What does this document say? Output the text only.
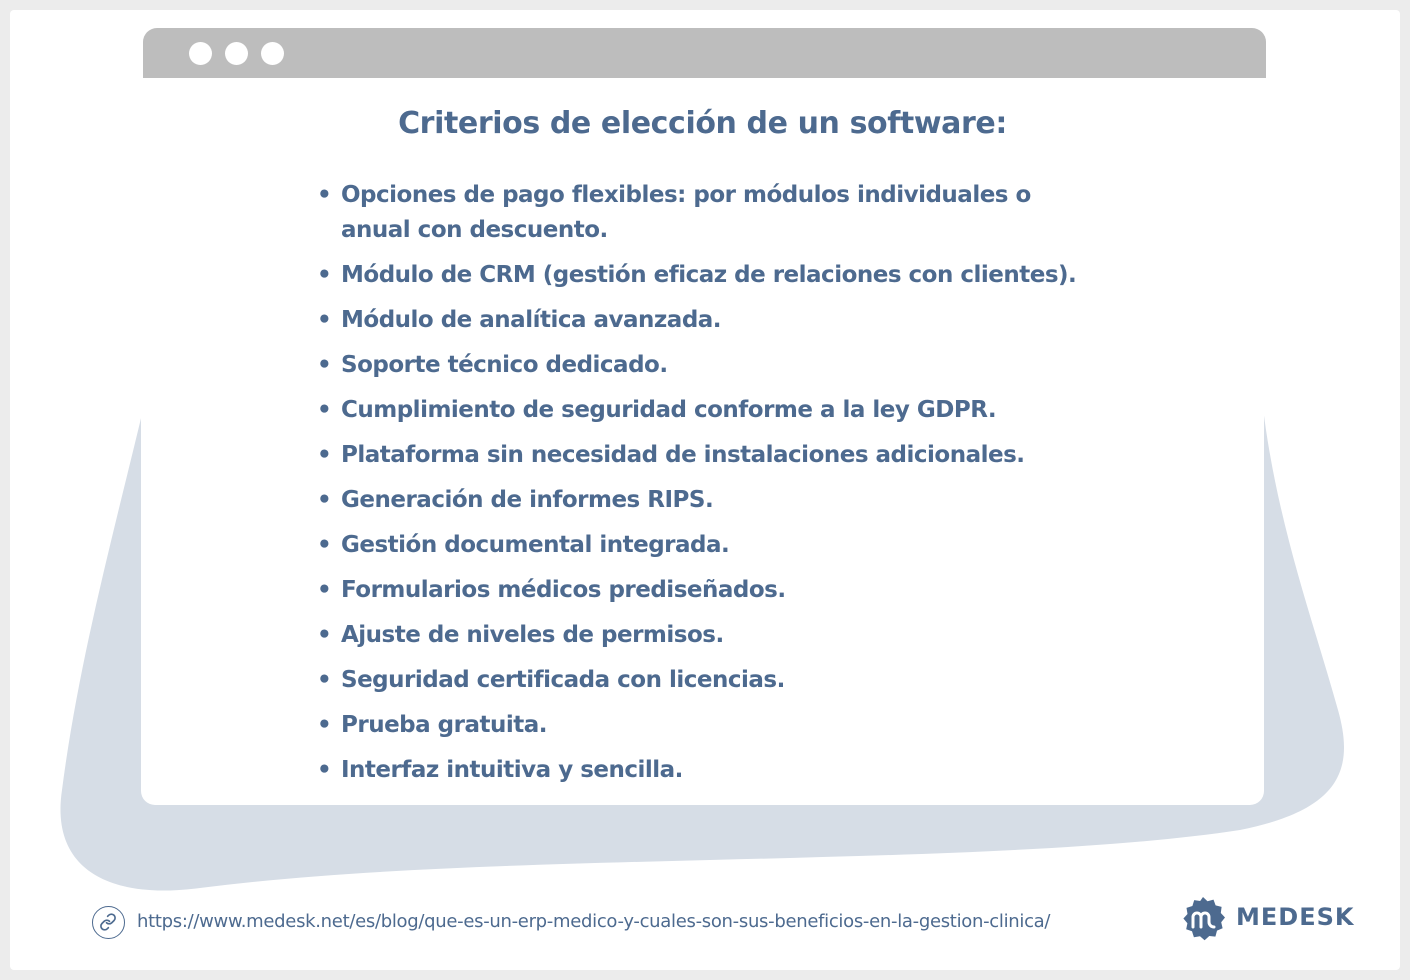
Criterios de elección de un software:
• Opciones de pago flexibles: por módulos individuales o anual con descuento.
• Módulo de CRM (gestión eficaz de relaciones con clientes).
• Módulo de analítica avanzada.
• Soporte técnico dedicado.
• Cumplimiento de seguridad conforme a la ley GDPR.
• Plataforma sin necesidad de instalaciones adicionales.
• Generación de informes RIPS.
• Gestión documental integrada.
• Formularios médicos prediseñados.
• Ajuste de niveles de permisos.
• Seguridad certificada con licencias.
• Prueba gratuita.
• Interfaz intuitiva y sencilla.
https://www.medesk.net/es/blog/que-es-un-erp-medico-y-cuales-son-sus-beneficios-en-la-gestion-clinica/	MEDESK
